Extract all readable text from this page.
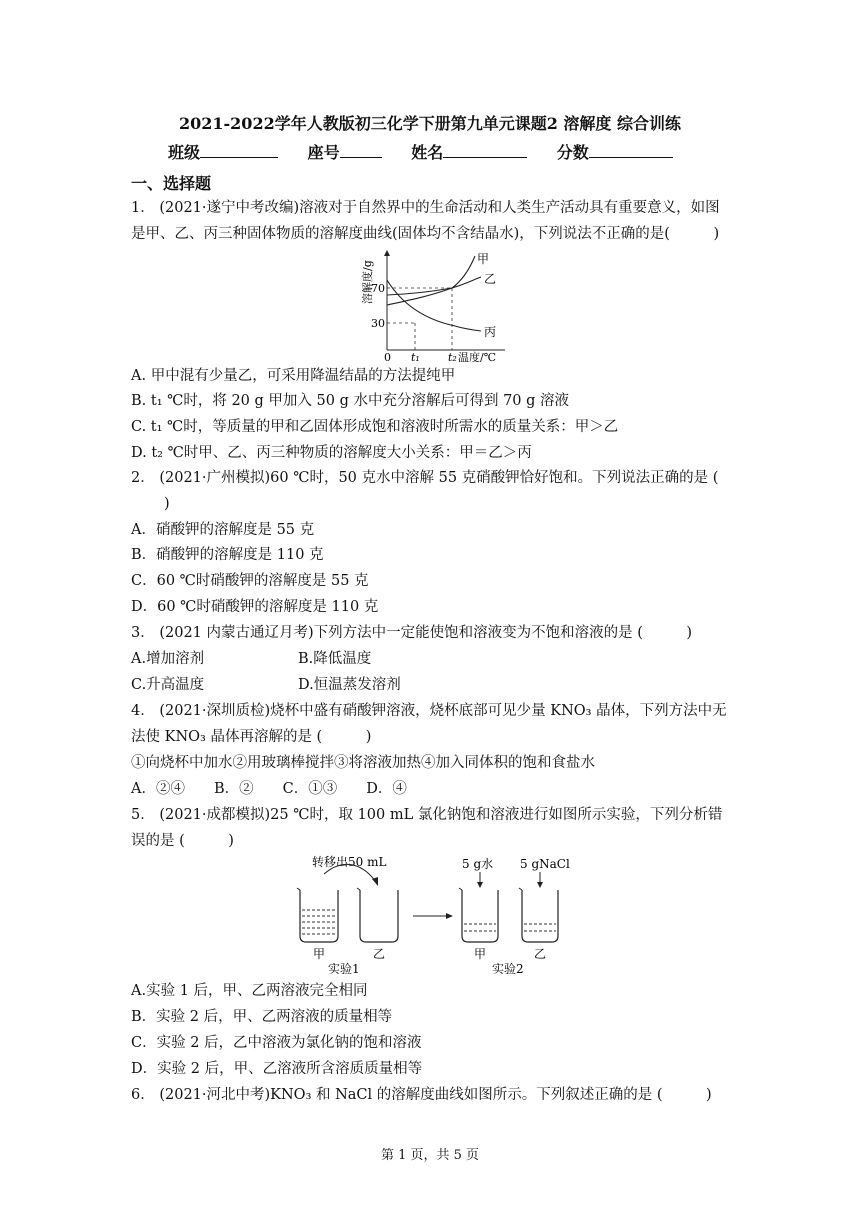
2021-2022学年人教版初三化学下册第九单元课题2 溶解度 综合训练
班级	座号	姓名	分数
一、选择题
1． (2021·遂宁中考改编)溶液对于自然界中的生命活动和人类生产活动具有重要意义，如图
是甲、乙、丙三种固体物质的溶解度曲线(固体均不含结晶水)，下列说法不正确的是(　　　)
溶解度/g
70
30
0 t₁	t₂ 温度/℃
甲
乙
丙
A. 甲中混有少量乙，可采用降温结晶的方法提纯甲
B. t₁ ℃时，将 20 g 甲加入 50 g 水中充分溶解后可得到 70 g 溶液
C. t₁ ℃时，等质量的甲和乙固体形成饱和溶液时所需水的质量关系：甲＞乙
D. t₂ ℃时甲、乙、丙三种物质的溶解度大小关系：甲＝乙＞丙
2． (2021·广州模拟)60 ℃时，50 克水中溶解 55 克硝酸钾恰好饱和。下列说法正确的是 (
)
A．硝酸钾的溶解度是 55 克
B．硝酸钾的溶解度是 110 克
C．60 ℃时硝酸钾的溶解度是 55 克
D．60 ℃时硝酸钾的溶解度是 110 克
3． (2021 内蒙古通辽月考)下列方法中一定能使饱和溶液变为不饱和溶液的是 (　　　)
A.增加溶剂	B.降低温度
C.升高温度	D.恒温蒸发溶剂
4． (2021·深圳质检)烧杯中盛有硝酸钾溶液，烧杯底部可见少量 KNO₃ 晶体，下列方法中无
法使 KNO₃ 晶体再溶解的是 (　　　)
①向烧杯中加水②用玻璃棒搅拌③将溶液加热④加入同体积的饱和食盐水
A．②④　　B．②　　C．①③　　D．④
5． (2021·成都模拟)25 ℃时，取 100 mL 氯化钠饱和溶液进行如图所示实验，下列分析错
误的是 (　　　)
转移出50 mL
甲	乙
实验1
5 g水 5 gNaCl
甲	乙
实验2
A.实验 1 后，甲、乙两溶液完全相同
B．实验 2 后，甲、乙两溶液的质量相等
C．实验 2 后，乙中溶液为氯化钠的饱和溶液
D．实验 2 后，甲、乙溶液所含溶质质量相等
6． (2021·河北中考)KNO₃ 和 NaCl 的溶解度曲线如图所示。下列叙述正确的是 (　　　)
第 1 页，共 5 页
